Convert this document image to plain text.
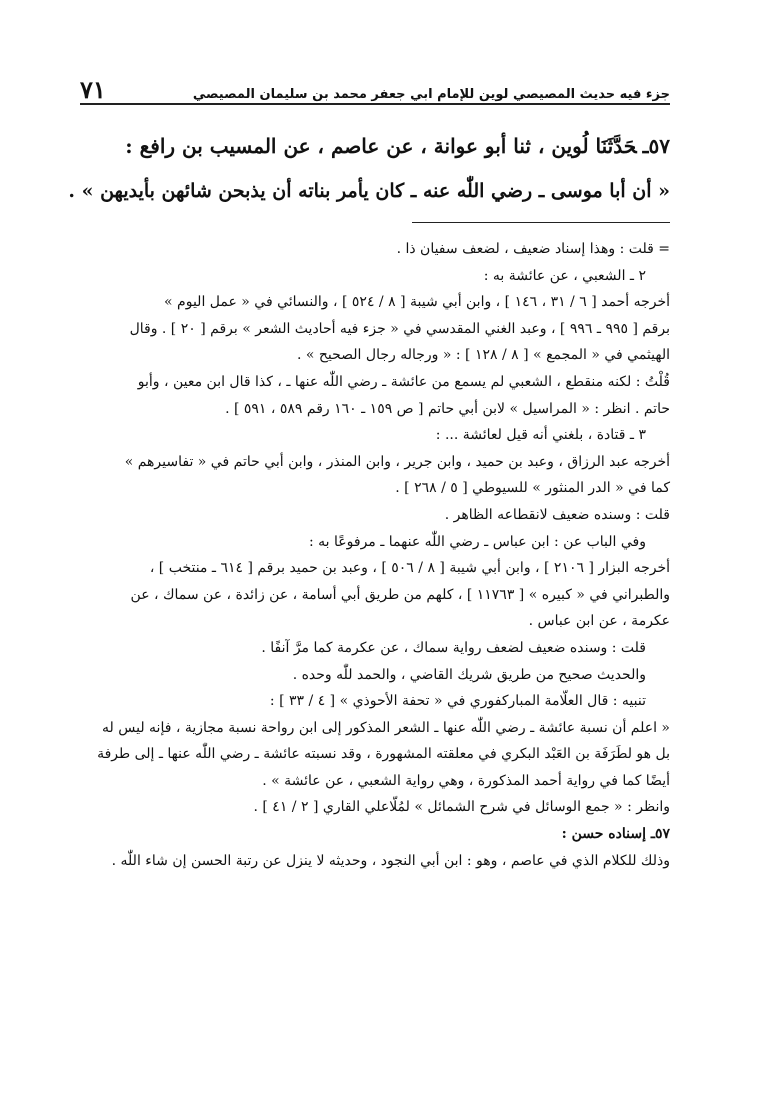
جزء فيه حديث المصيصي لوين للإمام ابي جعفر محمد بن سليمان المصيصي
٧١
٥٧ـحَدَّثَنَا لُوين ، ثنا أبو عوانة ، عن عاصم ، عن المسيب بن رافع :
« أن أبا موسى ـ رضي اللّٰه عنه ـ كان يأمر بناته أن يذبحن شائهن بأيديهن » .
= قلت : وهذا إسناد ضعيف ، لضعف سفيان ذا .
٢ ـ الشعبي ، عن عائشة به :
أخرجه أحمد [ ٦ / ٣١ ، ١٤٦ ] ، وابن أبي شيبة [ ٨ / ٥٢٤ ] ، والنسائي في « عمل اليوم »
برقم [ ٩٩٥ ـ ٩٩٦ ] ، وعبد الغني المقدسي في « جزء فيه أحاديث الشعر » برقم [ ٢٠ ] . وقال
الهيثمي في « المجمع » [ ٨ / ١٢٨ ] : « ورجاله رجال الصحيح » .
قُلْتُ : لكنه منقطع ، الشعبي لم يسمع من عائشة ـ رضي اللّٰه عنها ـ ، كذا قال ابن معين ، وأبو
حاتم . انظر : « المراسيل » لابن أبي حاتم [ ص ١٥٩ ـ ١٦٠ رقم ٥٨٩ ، ٥٩١ ] .
٣ ـ قتادة ، بلغني أنه قيل لعائشة ... :
أخرجه عبد الرزاق ، وعبد بن حميد ، وابن جرير ، وابن المنذر ، وابن أبي حاتم في « تفاسيرهم »
كما في « الدر المنثور » للسيوطي [ ٥ / ٢٦٨ ] .
قلت : وسنده ضعيف لانقطاعه الظاهر .
وفي الباب عن : ابن عباس ـ رضي اللّٰه عنهما ـ مرفوعًا به :
أخرجه البزار [ ٢١٠٦ ] ، وابن أبي شيبة [ ٨ / ٥٠٦ ] ، وعبد بن حميد برقم [ ٦١٤ ـ منتخب ] ،
والطبراني في « كبيره » [ ١١٧٦٣ ] ، كلهم من طريق أبي أسامة ، عن زائدة ، عن سماك ، عن
عكرمة ، عن ابن عباس .
قلت : وسنده ضعيف لضعف رواية سماك ، عن عكرمة كما مرَّ آنفًا .
والحديث صحيح من طريق شريك القاضي ، والحمد للّٰه وحده .
تنبيه : قال العلّامة المباركفوري في « تحفة الأحوذي » [ ٤ / ٣٣ ] :
« اعلم أن نسبة عائشة ـ رضي اللّٰه عنها ـ الشعر المذكور إلى ابن رواحة نسبة مجازية ، فإنه ليس له
بل هو لطَرَفَة بن العَبْد البكري في معلقته المشهورة ، وقد نسبته عائشة ـ رضي اللّٰه عنها ـ إلى طرفة
أيضًا كما في رواية أحمد المذكورة ، وهي رواية الشعبي ، عن عائشة » .
وانظر : « جمع الوسائل في شرح الشمائل » لمُلّاعلي القاري [ ٢ / ٤١ ] .
٥٧ـ إسناده حسن :
وذلك للكلام الذي في عاصم ، وهو : ابن أبي النجود ، وحديثه لا ينزل عن رتبة الحسن إن شاء اللّٰه .
